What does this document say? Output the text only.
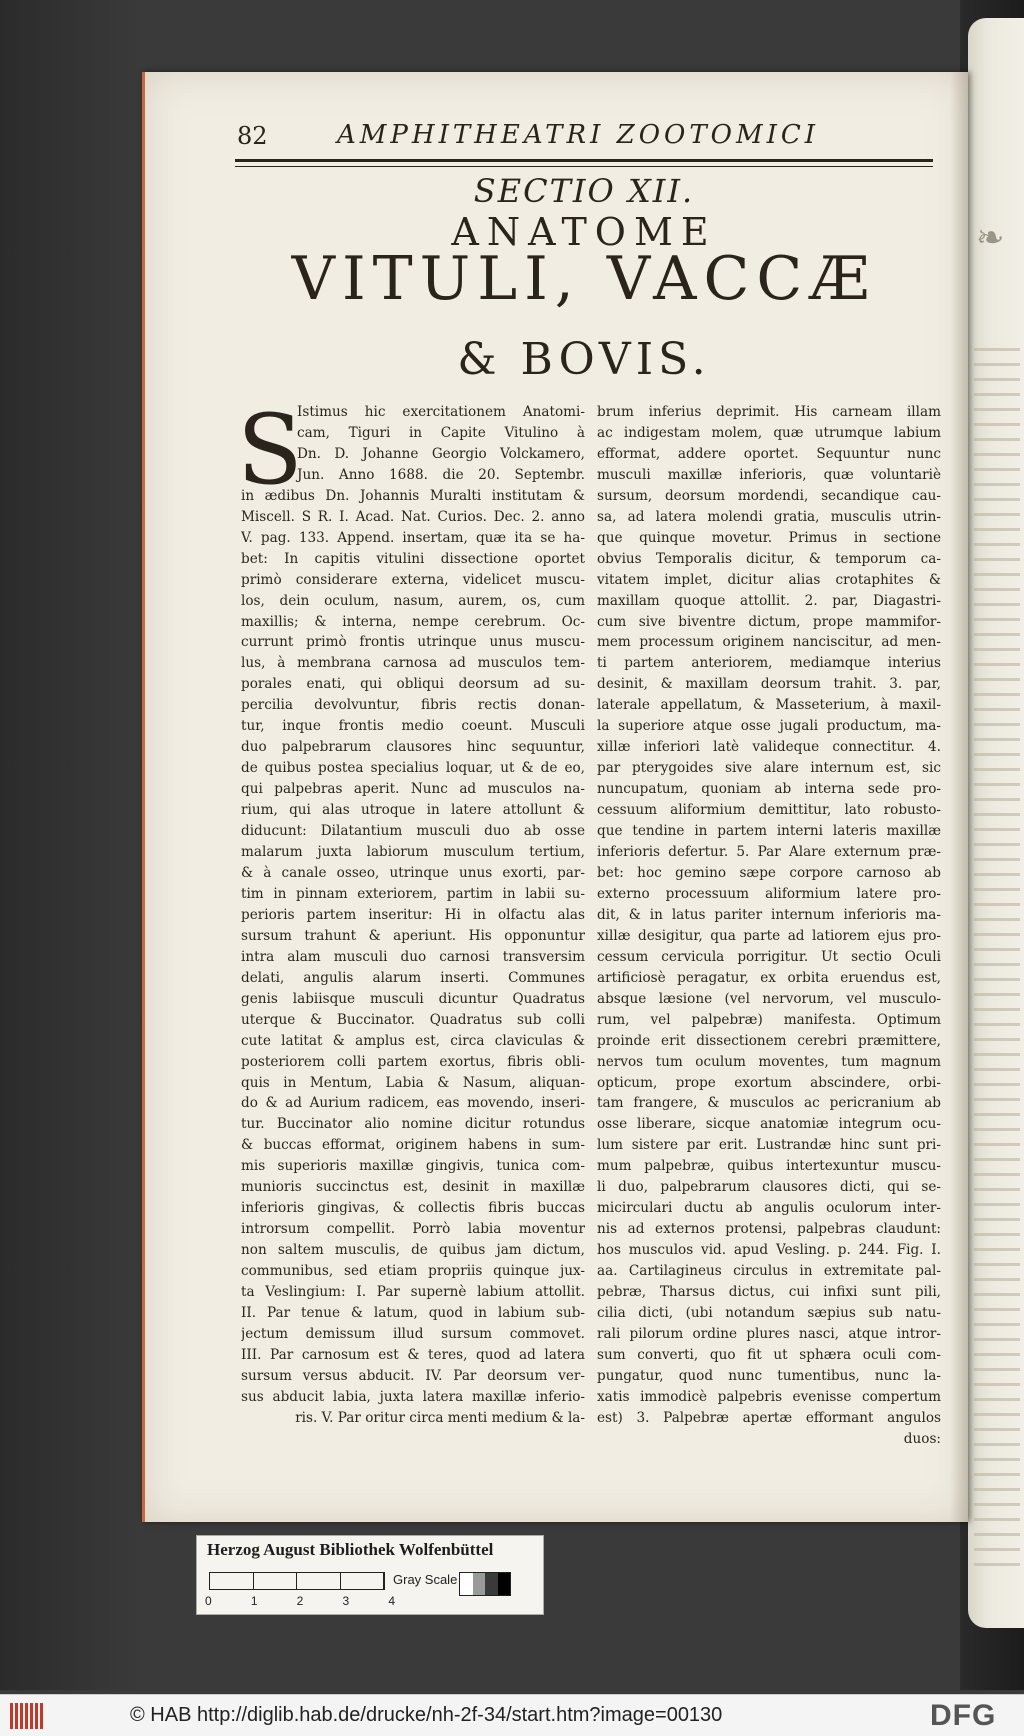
❧
82	AMPHITHEATRI ZOOTOMICI
SECTIO XII.
ANATOME
VITULI, VACCÆ
& BOVIS.
S
Istimus hic exercitationem Anatomi-
cam, Tiguri in Capite Vitulino à
Dn. D. Johanne Georgio Volckamero,
Jun. Anno 1688. die 20. Septembr.
in ædibus Dn. Johannis Muralti institutam &
Miscell. S R. I. Acad. Nat. Curios. Dec. 2. anno
V. pag. 133. Append. insertam, quæ ita se ha-
bet: In capitis vitulini dissectione oportet
primò considerare externa, videlicet muscu-
los, dein oculum, nasum, aurem, os, cum
maxillis; & interna, nempe cerebrum. Oc-
currunt primò frontis utrinque unus muscu-
lus, à membrana carnosa ad musculos tem-
porales enati, qui obliqui deorsum ad su-
percilia devolvuntur, fibris rectis donan-
tur, inque frontis medio coeunt. Musculi
duo palpebrarum clausores hinc sequuntur,
de quibus postea specialius loquar, ut & de eo,
qui palpebras aperit. Nunc ad musculos na-
rium, qui alas utroque in latere attollunt &
diducunt: Dilatantium musculi duo ab osse
malarum juxta labiorum musculum tertium,
& à canale osseo, utrinque unus exorti, par-
tim in pinnam exteriorem, partim in labii su-
perioris partem inseritur: Hi in olfactu alas
sursum trahunt & aperiunt. His opponuntur
intra alam musculi duo carnosi transversim
delati, angulis alarum inserti. Communes
genis labiisque musculi dicuntur Quadratus
uterque & Buccinator. Quadratus sub colli
cute latitat & amplus est, circa claviculas &
posteriorem colli partem exortus, fibris obli-
quis in Mentum, Labia & Nasum, aliquan-
do & ad Aurium radicem, eas movendo, inseri-
tur. Buccinator alio nomine dicitur rotundus
& buccas efformat, originem habens in sum-
mis superioris maxillæ gingivis, tunica com-
munioris succinctus est, desinit in maxillæ
inferioris gingivas, & collectis fibris buccas
introrsum compellit. Porrò labia moventur
non saltem musculis, de quibus jam dictum,
communibus, sed etiam propriis quinque jux-
ta Veslingium: I. Par supernè labium attollit.
II. Par tenue & latum, quod in labium sub-
jectum demissum illud sursum commovet.
III. Par carnosum est & teres, quod ad latera
sursum versus abducit. IV. Par deorsum ver-
sus abducit labia, juxta latera maxillæ inferio-
ris. V. Par oritur circa menti medium & la-
brum inferius deprimit. His carneam illam
ac indigestam molem, quæ utrumque labium
efformat, addere oportet. Sequuntur nunc
musculi maxillæ inferioris, quæ voluntariè
sursum, deorsum mordendi, secandique cau-
sa, ad latera molendi gratia, musculis utrin-
que quinque movetur. Primus in sectione
obvius Temporalis dicitur, & temporum ca-
vitatem implet, dicitur alias crotaphites &
maxillam quoque attollit. 2. par, Diagastri-
cum sive biventre dictum, prope mammifor-
mem processum originem nanciscitur, ad men-
ti partem anteriorem, mediamque interius
desinit, & maxillam deorsum trahit. 3. par,
laterale appellatum, & Masseterium, à maxil-
la superiore atque osse jugali productum, ma-
xillæ inferiori latè valideque connectitur. 4.
par pterygoides sive alare internum est, sic
nuncupatum, quoniam ab interna sede pro-
cessuum aliformium demittitur, lato robusto-
que tendine in partem interni lateris maxillæ
inferioris defertur. 5. Par Alare externum præ-
bet: hoc gemino sæpe corpore carnoso ab
externo processuum aliformium latere pro-
dit, & in latus pariter internum inferioris ma-
xillæ desigitur, qua parte ad latiorem ejus pro-
cessum cervicula porrigitur. Ut sectio Oculi
artificiosè peragatur, ex orbita eruendus est,
absque læsione (vel nervorum, vel musculo-
rum, vel palpebræ) manifesta. Optimum
proinde erit dissectionem cerebri præmittere,
nervos tum oculum moventes, tum magnum
opticum, prope exortum abscindere, orbi-
tam frangere, & musculos ac pericranium ab
osse liberare, sicque anatomiæ integrum ocu-
lum sistere par erit. Lustrandæ hinc sunt pri-
mum palpebræ, quibus intertexuntur muscu-
li duo, palpebrarum clausores dicti, qui se-
micirculari ductu ab angulis oculorum inter-
nis ad externos protensi, palpebras claudunt:
hos musculos vid. apud Vesling. p. 244. Fig. I.
aa. Cartilagineus circulus in extremitate pal-
pebræ, Tharsus dictus, cui infixi sunt pili,
cilia dicti, (ubi notandum sæpius sub natu-
rali pilorum ordine plures nasci, atque intror-
sum converti, quo fit ut sphæra oculi com-
pungatur, quod nunc tumentibus, nunc la-
xatis immodicè palpebris evenisse compertum
est) 3. Palpebræ apertæ efformant angulos
duos:
Herzog August Bibliothek Wolfenbüttel
0	1	2	3	4
Gray Scale
© HAB http://diglib.hab.de/drucke/nh-2f-34/start.htm?image=00130	DFG
